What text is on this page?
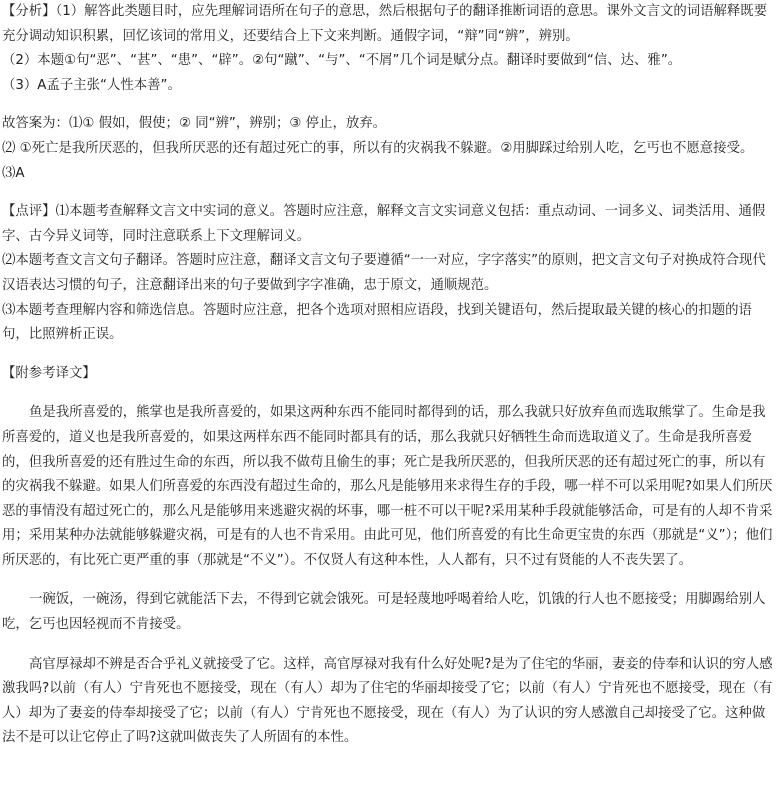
【分析】（1）解答此类题目时，应先理解词语所在句子的意思，然后根据句子的翻译推断词语的意思。课外文言文的词语解释既要充分调动知识积累，回忆该词的常用义，还要结合上下文来判断。通假字词，“辩”同“辨”，辨别。

（2）本题①句“恶”、“甚”、“患”、“辟”。②句“蹴”、“与”、“不屑”几个词是赋分点。翻译时要做到“信、达、雅”。

（3）A孟子主张“人性本善”。

故答案为：⑴① 假如，假使；② 同“辨”，辨别；③ 停止，放弃。

⑵ ①死亡是我所厌恶的，但我所厌恶的还有超过死亡的事，所以有的灾祸我不躲避。②用脚踩过给别人吃，乞丐也不愿意接受。

⑶A

【点评】⑴本题考查解释文言文中实词的意义。答题时应注意，解释文言文实词意义包括：重点动词、一词多义、词类活用、通假字、古今异义词等，同时注意联系上下文理解词义。

⑵本题考查文言文句子翻译。答题时应注意，翻译文言文句子要遵循“一一对应，字字落实”的原则，把文言文句子对换成符合现代汉语表达习惯的句子，注意翻译出来的句子要做到字字准确，忠于原文，通顺规范。

⑶本题考查理解内容和筛选信息。答题时应注意，把各个选项对照相应语段，找到关键语句，然后提取最关键的核心的扣题的语句，比照辨析正误。

【附参考译文】

鱼是我所喜爱的，熊掌也是我所喜爱的，如果这两种东西不能同时都得到的话，那么我就只好放弃鱼而选取熊掌了。生命是我所喜爱的，道义也是我所喜爱的，如果这两样东西不能同时都具有的话，那么我就只好牺牲生命而选取道义了。生命是我所喜爱的，但我所喜爱的还有胜过生命的东西，所以我不做苟且偷生的事；死亡是我所厌恶的，但我所厌恶的还有超过死亡的事，所以有的灾祸我不躲避。如果人们所喜爱的东西没有超过生命的，那么凡是能够用来求得生存的手段，哪一样不可以采用呢?如果人们所厌恶的事情没有超过死亡的，那么凡是能够用来逃避灾祸的坏事，哪一桩不可以干呢?采用某种手段就能够活命，可是有的人却不肯采用；采用某种办法就能够躲避灾祸，可是有的人也不肯采用。由此可见，他们所喜爱的有比生命更宝贵的东西（那就是“义”）；他们所厌恶的，有比死亡更严重的事（那就是“不义”）。不仅贤人有这种本性，人人都有，只不过有贤能的人不丧失罢了。

一碗饭，一碗汤，得到它就能活下去，不得到它就会饿死。可是轻蔑地呼喝着给人吃，饥饿的行人也不愿接受；用脚踢给别人吃，乞丐也因轻视而不肯接受。

高官厚禄却不辨是否合乎礼义就接受了它。这样，高官厚禄对我有什么好处呢?是为了住宅的华丽，妻妾的侍奉和认识的穷人感激我吗?以前（有人）宁肯死也不愿接受，现在（有人）却为了住宅的华丽却接受了它；以前（有人）宁肯死也不愿接受，现在（有人）却为了妻妾的侍奉却接受了它；以前（有人）宁肯死也不愿接受，现在（有人）为了认识的穷人感激自己却接受了它。这种做法不是可以让它停止了吗?这就叫做丧失了人所固有的本性。
